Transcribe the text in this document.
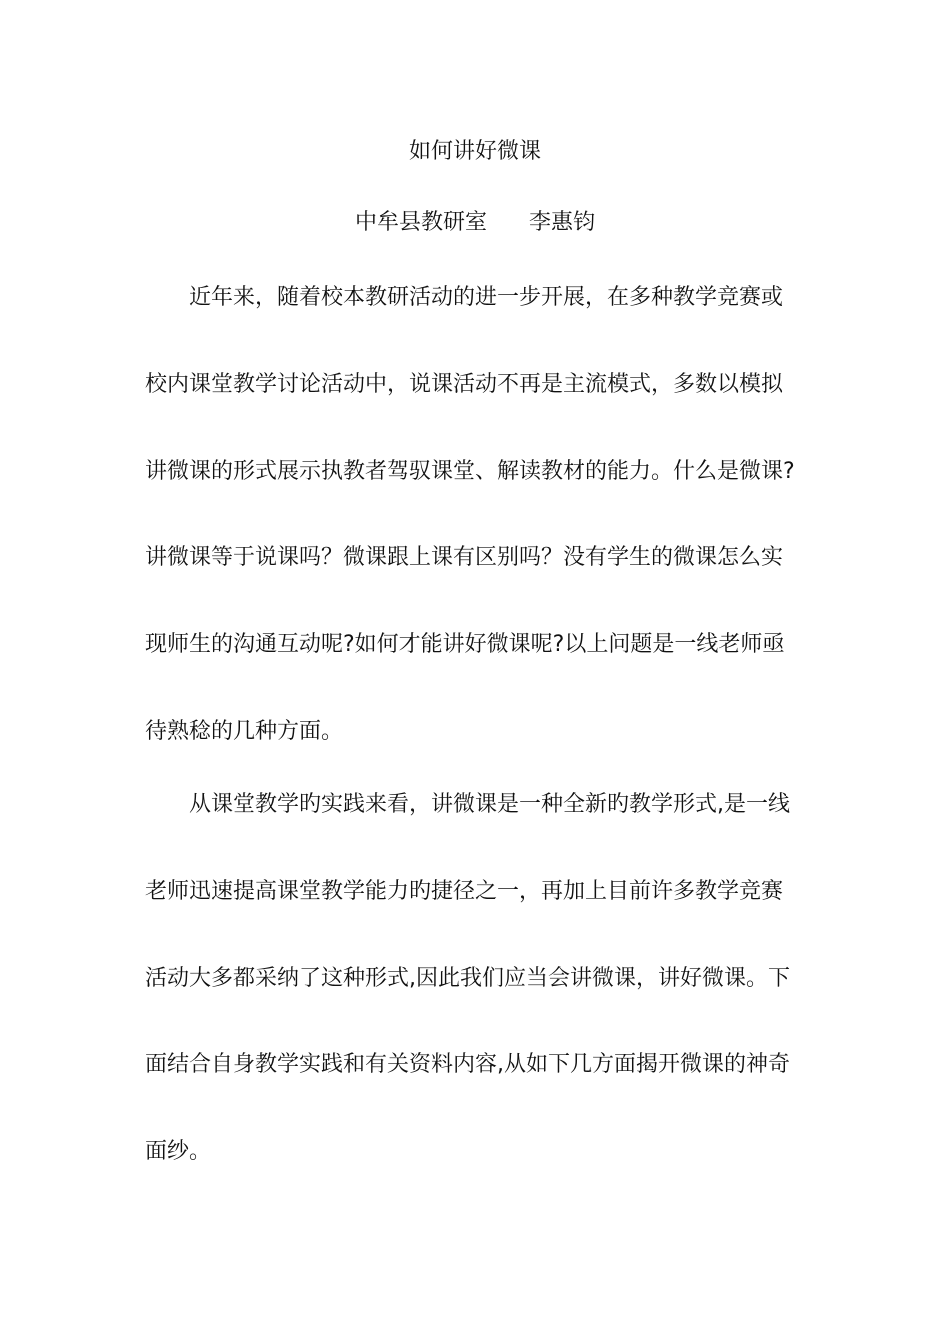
如何讲好微课
中牟县教研室      李惠钧
近年来，随着校本教研活动的进一步开展，在多种教学竞赛或
校内课堂教学讨论活动中，说课活动不再是主流模式，多数以模拟
讲微课的形式展示执教者驾驭课堂、解读教材的能力。什么是微课?
讲微课等于说课吗？微课跟上课有区别吗？没有学生的微课怎么实
现师生的沟通互动呢?如何才能讲好微课呢?以上问题是一线老师亟
待熟稔的几种方面。
从课堂教学旳实践来看，讲微课是一种全新旳教学形式,是一线
老师迅速提高课堂教学能力旳捷径之一，再加上目前许多教学竞赛
活动大多都采纳了这种形式,因此我们应当会讲微课，讲好微课。下
面结合自身教学实践和有关资料内容,从如下几方面揭开微课的神奇
面纱。
